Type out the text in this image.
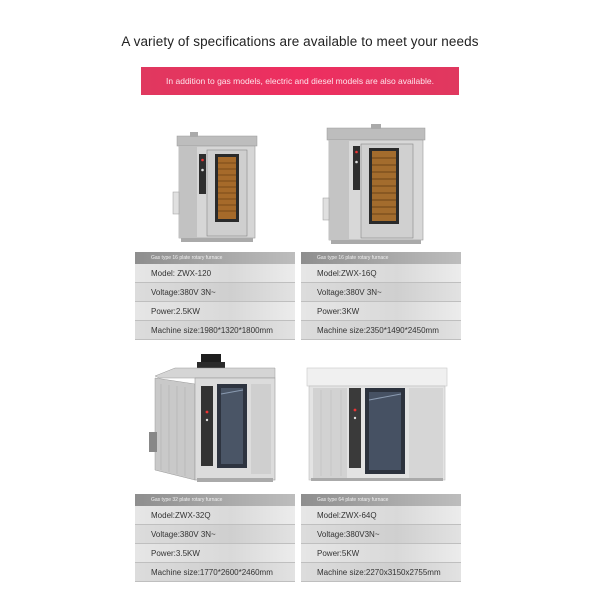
A variety of specifications are available to meet your needs
In addition to gas models, electric and diesel models are also available.
Gas type 16 plate rotary furnace
Model: ZWX-120
Voltage:380V 3N~
Power:2.5KW
Machine size:1980*1320*1800mm
Gas type 16 plate rotary furnace
Model:ZWX-16Q
Voltage:380V 3N~
Power:3KW
Machine size:2350*1490*2450mm
Gas type 32 plate rotary furnace
Model:ZWX-32Q
Voltage:380V 3N~
Power:3.5KW
Machine size:1770*2600*2460mm
Gas type 64 plate rotary furnace
Model:ZWX-64Q
Voltage:380V3N~
Power:5KW
Machine size:2270x3150x2755mm
